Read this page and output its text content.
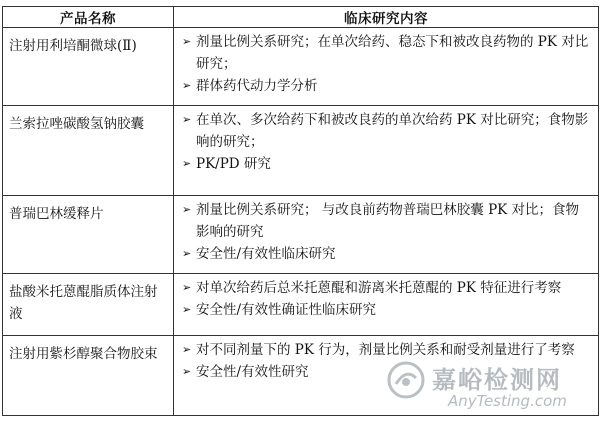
产品名称	临床研究内容
注射用利培酮微球(Ⅱ)	➢ 剂量比例关系研究；在单次给药、稳态下和被改良药物的 PK 对比研究；
➢ 群体药代动力学分析

兰索拉唑碳酸氢钠胶囊	➢ 在单次、多次给药下和被改良药的单次给药 PK 对比研究；食物影响的研究；
➢ PK/PD 研究

普瑞巴林缓释片	➢ 剂量比例关系研究； 与改良前药物普瑞巴林胶囊 PK 对比；食物影响的研究
➢ 安全性/有效性临床研究

盐酸米托蒽醌脂质体注射液	➢ 对单次给药后总米托蒽醌和游离米托蒽醌的 PK 特征进行考察
➢ 安全性/有效性确证性临床研究

注射用紫杉醇聚合物胶束	➢ 对不同剂量下的 PK 行为，剂量比例关系和耐受剂量进行了考察
➢ 安全性/有效性研究	嘉峪检测网
AnyTesting.com
